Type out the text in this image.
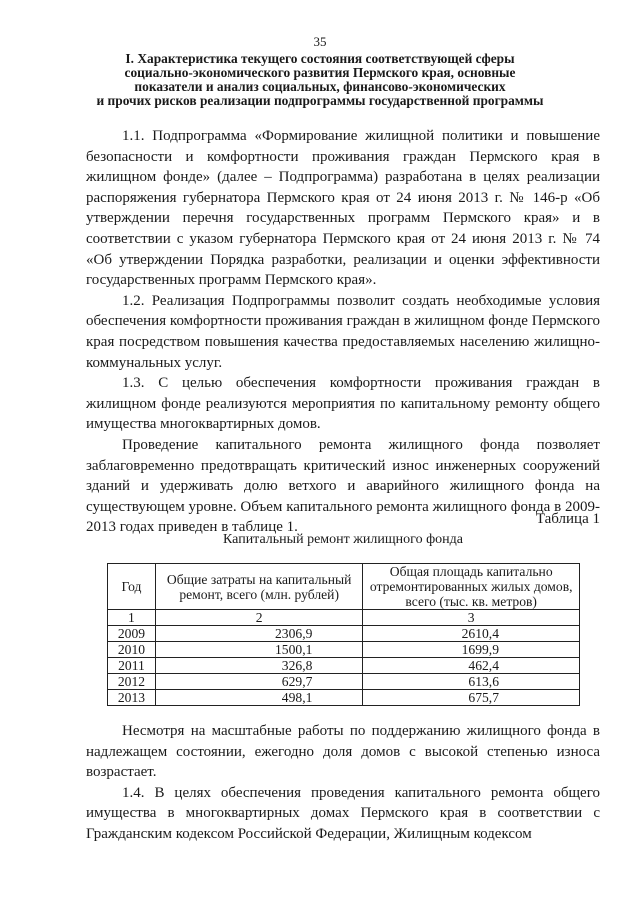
35
I. Характеристика текущего состояния соответствующей сферы
социально-экономического развития Пермского края, основные
показатели и анализ социальных, финансово-экономических
и прочих рисков реализации подпрограммы государственной программы

1.1. Подпрограмма «Формирование жилищной политики и повышение безопасности и комфортности проживания граждан Пермского края в жилищном фонде» (далее – Подпрограмма) разработана в целях реализации распоряжения губернатора Пермского края от 24 июня 2013 г. № 146-р «Об утверждении перечня государственных программ Пермского края» и в соответствии с указом губернатора Пермского края от 24 июня 2013 г. № 74 «Об утверждении Порядка разработки, реализации и оценки эффективности государственных программ Пермского края».

1.2. Реализация Подпрограммы позволит создать необходимые условия обеспечения комфортности проживания граждан в жилищном фонде Пермского края посредством повышения качества предоставляемых населению жилищно-коммунальных услуг.

1.3. С целью обеспечения комфортности проживания граждан в жилищном фонде реализуются мероприятия по капитальному ремонту общего имущества многоквартирных домов.

Проведение капитального ремонта жилищного фонда позволяет заблаговременно предотвращать критический износ инженерных сооружений зданий и удерживать долю ветхого и аварийного жилищного фонда на существующем уровне. Объем капитального ремонта жилищного фонда в 2009-2013 годах приведен в таблице 1.

Таблица 1
Капитальный ремонт жилищного фонда
Год	Общие затраты на капитальный ремонт, всего (млн. рублей)	Общая площадь капитально отремонтированных жилых домов, всего (тыс. кв. метров)
1	2	3
2009	2306,9	2610,4
2010	1500,1	1699,9
2011	326,8	462,4
2012	629,7	613,6
2013	498,1	675,7

Несмотря на масштабные работы по поддержанию жилищного фонда в надлежащем состоянии, ежегодно доля домов с высокой степенью износа возрастает.

1.4. В целях обеспечения проведения капитального ремонта общего имущества в многоквартирных домах Пермского края в соответствии с Гражданским кодексом Российской Федерации, Жилищным кодексом
